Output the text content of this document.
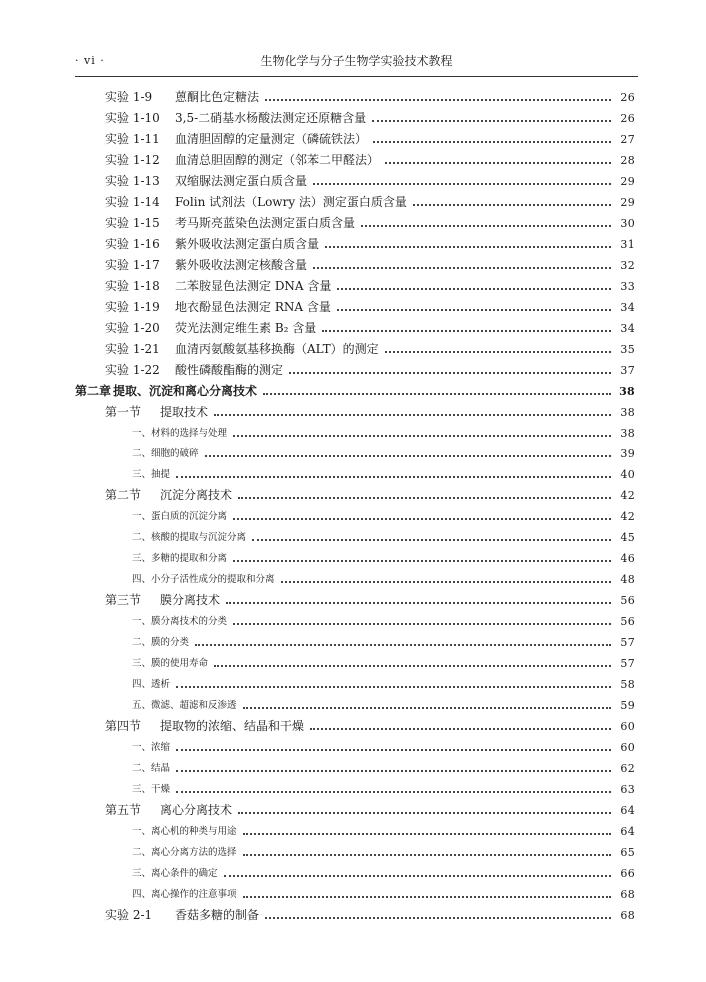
· vi ·	生物化学与分子生物学实验技术教程
实验 1-9	蒽酮比色定糖法	26
实验 1-10	3,5-二硝基水杨酸法测定还原糖含量	26
实验 1-11	血清胆固醇的定量测定（磷硫铁法）	27
实验 1-12	血清总胆固醇的测定（邻苯二甲醛法）	28
实验 1-13	双缩脲法测定蛋白质含量	29
实验 1-14	Folin 试剂法（Lowry 法）测定蛋白质含量	29
实验 1-15	考马斯亮蓝染色法测定蛋白质含量	30
实验 1-16	紫外吸收法测定蛋白质含量	31
实验 1-17	紫外吸收法测定核酸含量	32
实验 1-18	二苯胺显色法测定 DNA 含量	33
实验 1-19	地衣酚显色法测定 RNA 含量	34
实验 1-20	荧光法测定维生素 B₂ 含量	34
实验 1-21	血清丙氨酸氨基移换酶（ALT）的测定	35
实验 1-22	酸性磷酸酯酶的测定	37
第二章 提取、沉淀和离心分离技术	38
第一节	提取技术	38
一、材料的选择与处理	38
二、细胞的破碎	39
三、抽提	40
第二节	沉淀分离技术	42
一、蛋白质的沉淀分离	42
二、核酸的提取与沉淀分离	45
三、多糖的提取和分离	46
四、小分子活性成分的提取和分离	48
第三节	膜分离技术	56
一、膜分离技术的分类	56
二、膜的分类	57
三、膜的使用寿命	57
四、透析	58
五、微滤、超滤和反渗透	59
第四节	提取物的浓缩、结晶和干燥	60
一、浓缩	60
二、结晶	62
三、干燥	63
第五节	离心分离技术	64
一、离心机的种类与用途	64
二、离心分离方法的选择	65
三、离心条件的确定	66
四、离心操作的注意事项	68
实验 2-1	香菇多糖的制备	68
